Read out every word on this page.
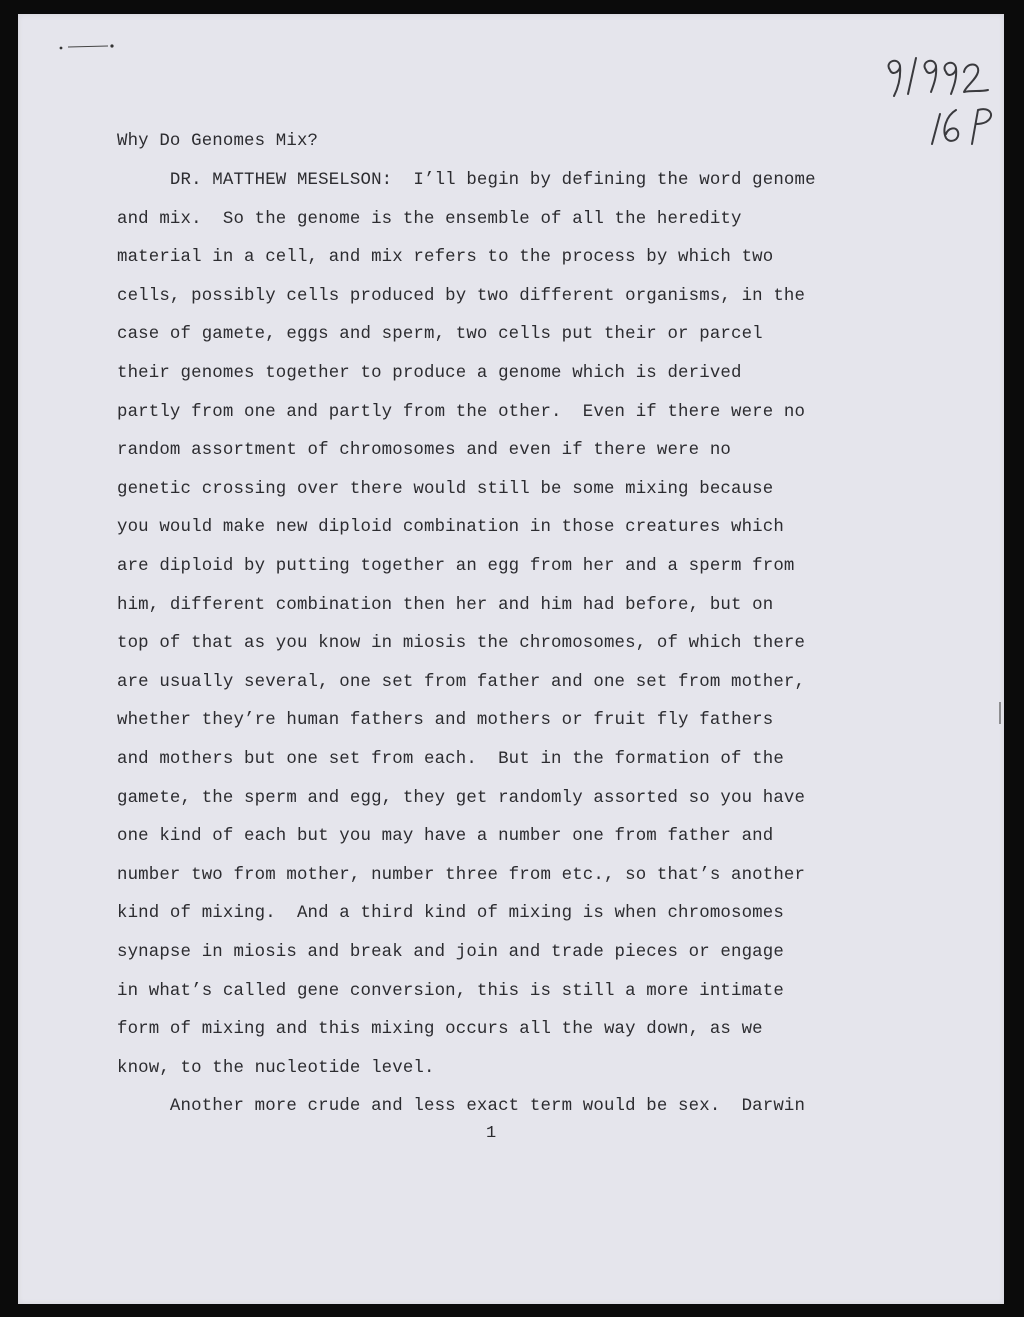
Why Do Genomes Mix?
DR. MATTHEW MESELSON:  I’ll begin by defining the word genome
and mix.  So the genome is the ensemble of all the heredity
material in a cell, and mix refers to the process by which two
cells, possibly cells produced by two different organisms, in the
case of gamete, eggs and sperm, two cells put their or parcel
their genomes together to produce a genome which is derived
partly from one and partly from the other.  Even if there were no
random assortment of chromosomes and even if there were no
genetic crossing over there would still be some mixing because
you would make new diploid combination in those creatures which
are diploid by putting together an egg from her and a sperm from
him, different combination then her and him had before, but on
top of that as you know in miosis the chromosomes, of which there
are usually several, one set from father and one set from mother,
whether they’re human fathers and mothers or fruit fly fathers
and mothers but one set from each.  But in the formation of the
gamete, the sperm and egg, they get randomly assorted so you have
one kind of each but you may have a number one from father and
number two from mother, number three from etc., so that’s another
kind of mixing.  And a third kind of mixing is when chromosomes
synapse in miosis and break and join and trade pieces or engage
in what’s called gene conversion, this is still a more intimate
form of mixing and this mixing occurs all the way down, as we
know, to the nucleotide level.
Another more crude and less exact term would be sex.  Darwin
1
